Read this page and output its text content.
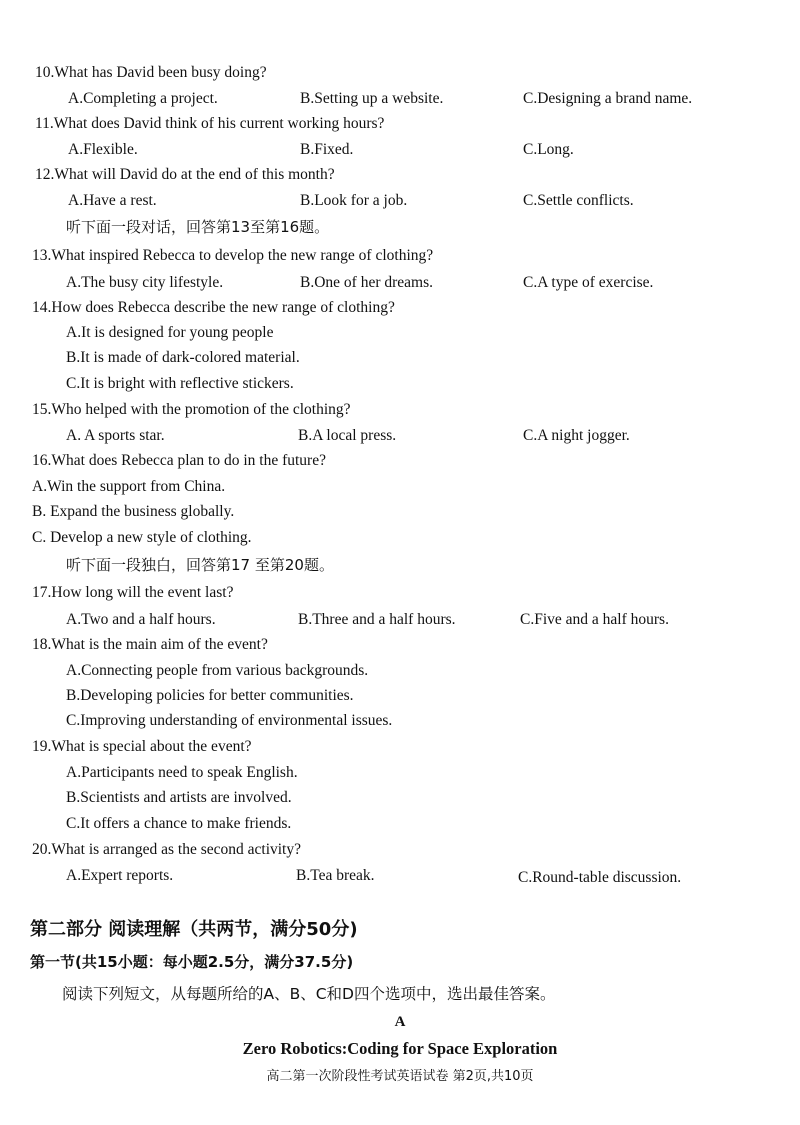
10.What has David been busy doing?
A.Completing a project.	B.Setting up a website.	C.Designing a brand name.
11.What does David think of his current working hours?
A.Flexible.	B.Fixed.	C.Long.
12.What will David do at the end of this month?
A.Have a rest.	B.Look for a job.	C.Settle conflicts.
听下面一段对话，回答第13至第16题。
13.What inspired Rebecca to develop the new range of clothing?
A.The busy city lifestyle.	B.One of her dreams.	C.A type of exercise.
14.How does Rebecca describe the new range of clothing?
A.It is designed for young people
B.It is made of dark-colored material.
C.It is bright with reflective stickers.
15.Who helped with the promotion of the clothing?
A. A sports star.	B.A local press.	C.A night jogger.
16.What does Rebecca plan to do in the future?
A.Win the support from China.
B. Expand the business globally.
C. Develop a new style of clothing.
听下面一段独白，回答第17 至第20题。
17.How long will the event last?
A.Two and a half hours.	B.Three and a half hours.	C.Five and a half hours.
18.What is the main aim of the event?
A.Connecting people from various backgrounds.
B.Developing policies for better communities.
C.Improving understanding of environmental issues.
19.What is special about the event?
A.Participants need to speak English.
B.Scientists and artists are involved.
C.It offers a chance to make friends.
20.What is arranged as the second activity?
A.Expert reports.	B.Tea break.	C.Round-table discussion.
第二部分 阅读理解（共两节，满分50分)
第一节(共15小题：每小题2.5分，满分37.5分)
阅读下列短文，从每题所给的A、B、C和D四个选项中，选出最佳答案。
A
Zero Robotics:Coding for Space Exploration
高二第一次阶段性考试英语试卷 第2页,共10页
